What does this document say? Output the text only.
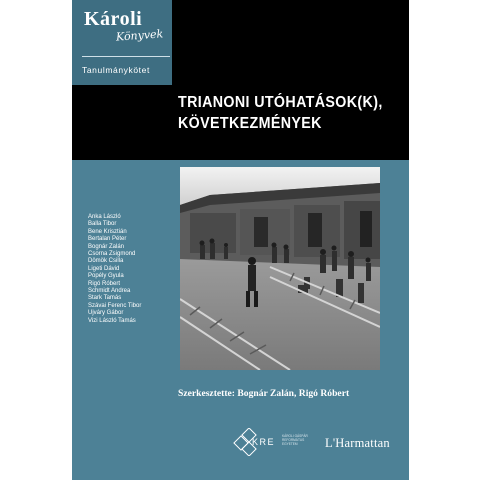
Károli
Könyvek
Tanulmánykötet
TRIANONI UTÓHATÁSOK(K),
KÖVETKEZMÉNYEK
Anka László
Balla Tibor
Bene Krisztián
Bertalan Péter
Bognár Zalán
Csorna Zsigmond
Dömök Csilla
Ligeti Dávid
Popély Gyula
Rigó Róbert
Schmidt Andrea
Stark Tamás
Szávai Ferenc Tibor
Ujváry Gábor
Vizi László Tamás
Szerkesztette: Bognár Zalán, Rigó Róbert
KRE
KÁROLI GÁSPÁR REFORMÁTUS EGYETEM	L'Harmattan
